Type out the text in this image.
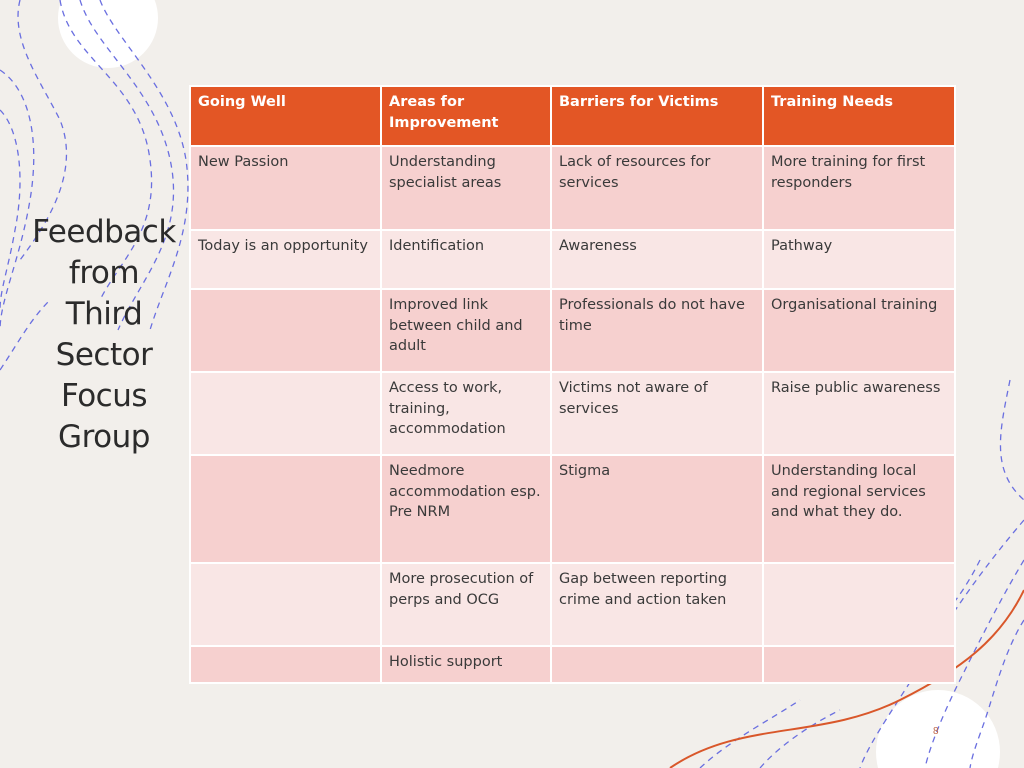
Feedback
from
Third
Sector
Focus
Group
Going Well	Areas for Improvement	Barriers for Victims	Training Needs
New Passion	Understanding specialist areas	Lack of resources for services	More training for first responders
Today is an opportunity	Identification	Awareness	Pathway
	Improved link between child and adult	Professionals do not have time	Organisational training
	Access to work, training, accommodation	Victims not aware of services	Raise public awareness
	Needmore accommodation esp. Pre NRM	Stigma	Understanding local and regional services and what they do.
	More prosecution of perps and OCG	Gap between reporting crime and action taken	
	Holistic support		
8
